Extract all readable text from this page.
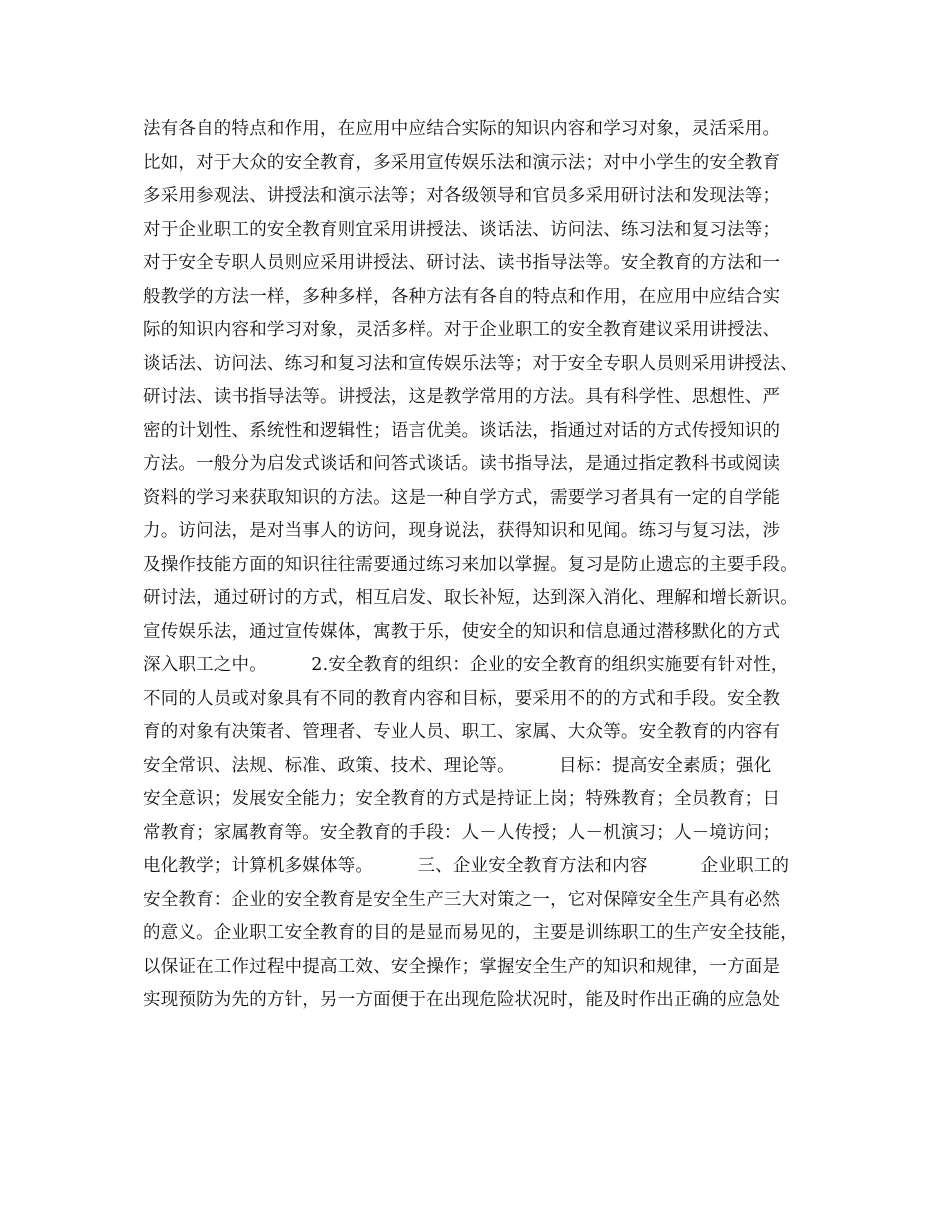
法有各自的特点和作用，在应用中应结合实际的知识内容和学习对象，灵活采用。
比如，对于大众的安全教育，多采用宣传娱乐法和演示法；对中小学生的安全教育
多采用参观法、讲授法和演示法等；对各级领导和官员多采用研讨法和发现法等；
对于企业职工的安全教育则宜采用讲授法、谈话法、访问法、练习法和复习法等；
对于安全专职人员则应采用讲授法、研讨法、读书指导法等。安全教育的方法和一
般教学的方法一样，多种多样，各种方法有各自的特点和作用，在应用中应结合实
际的知识内容和学习对象，灵活多样。对于企业职工的安全教育建议采用讲授法、
谈话法、访问法、练习和复习法和宣传娱乐法等；对于安全专职人员则采用讲授法、
研讨法、读书指导法等。讲授法，这是教学常用的方法。具有科学性、思想性、严
密的计划性、系统性和逻辑性；语言优美。谈话法，指通过对话的方式传授知识的
方法。一般分为启发式谈话和问答式谈话。读书指导法，是通过指定教科书或阅读
资料的学习来获取知识的方法。这是一种自学方式，需要学习者具有一定的自学能
力。访问法，是对当事人的访问，现身说法，获得知识和见闻。练习与复习法，涉
及操作技能方面的知识往往需要通过练习来加以掌握。复习是防止遗忘的主要手段。
研讨法，通过研讨的方式，相互启发、取长补短，达到深入消化、理解和增长新识。
宣传娱乐法，通过宣传媒体，寓教于乐，使安全的知识和信息通过潜移默化的方式
深入职工之中。　　　2.安全教育的组织：企业的安全教育的组织实施要有针对性，
不同的人员或对象具有不同的教育内容和目标，要采用不的的方式和手段。安全教
育的对象有决策者、管理者、专业人员、职工、家属、大众等。安全教育的内容有
安全常识、法规、标准、政策、技术、理论等。　　　目标：提高安全素质；强化
安全意识；发展安全能力；安全教育的方式是持证上岗；特殊教育；全员教育；日
常教育；家属教育等。安全教育的手段：人－人传授；人－机演习；人－境访问；
电化教学；计算机多媒体等。　　　三、企业安全教育方法和内容　　　企业职工的
安全教育：企业的安全教育是安全生产三大对策之一，它对保障安全生产具有必然
的意义。企业职工安全教育的目的是显而易见的，主要是训练职工的生产安全技能，
以保证在工作过程中提高工效、安全操作；掌握安全生产的知识和规律，一方面是
实现预防为先的方针，另一方面便于在出现危险状况时，能及时作出正确的应急处
